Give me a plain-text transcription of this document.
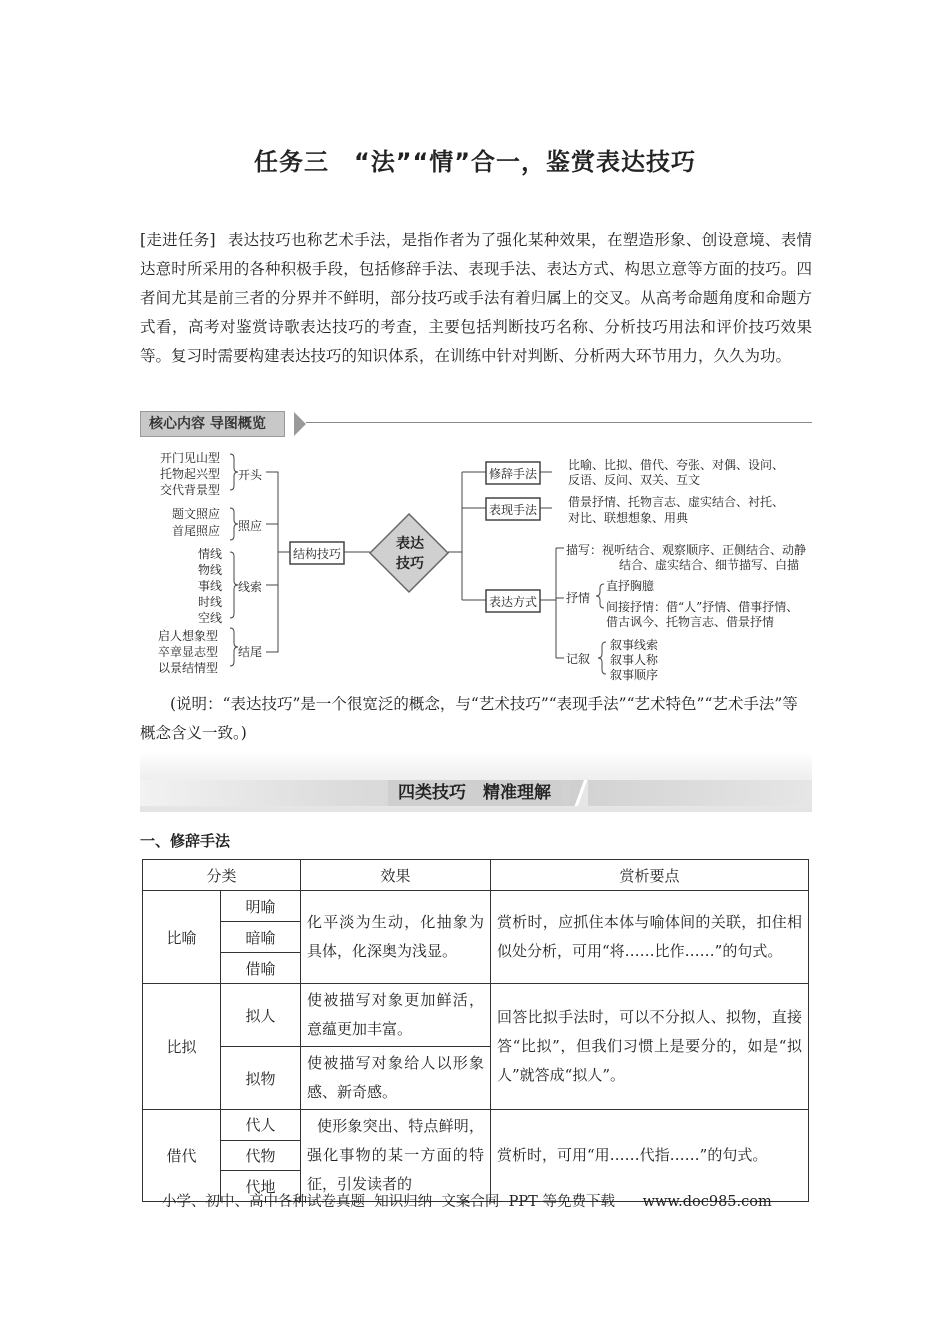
任务三　“法”“情”合一，鉴赏表达技巧
[走进任务] 表达技巧也称艺术手法，是指作者为了强化某种效果，在塑造形象、创设意境、表情达意时所采用的各种积极手段，包括修辞手法、表现手法、表达方式、构思立意等方面的技巧。四者间尤其是前三者的分界并不鲜明，部分技巧或手法有着归属上的交叉。从高考命题角度和命题方式看，高考对鉴赏诗歌表达技巧的考查，主要包括判断技巧名称、分析技巧用法和评价技巧效果等。复习时需要构建表达技巧的知识体系，在训练中针对判断、分析两大环节用力，久久为功。
核心内容 导图概览
开门见山型
托物起兴型
交代背景型
开头
题文照应
首尾照应 照应
情线
物线
事线
时线
空线
线索
启人想象型
卒章显志型
以景结情型
结尾
结构技巧
表达
技巧
修辞手法
表现手法
表达方式
比喻、比拟、借代、夸张、对偶、设问、
反语、反问、双关、互文
借景抒情、托物言志、虚实结合、衬托、
对比、联想想象、用典
描写：视听结合、观察顺序、正侧结合、动静
结合、虚实结合、细节描写、白描
抒情
直抒胸臆
间接抒情：借“人”抒情、借事抒情、
借古讽今、托物言志、借景抒情
记叙
叙事线索
叙事人称
叙事顺序
(说明：“表达技巧”是一个很宽泛的概念，与“艺术技巧”“表现手法”“艺术特色”“艺术手法”等概念含义一致。)
四类技巧　精准理解
一、修辞手法
分类		效果	赏析要点
比喻	明喻	化平淡为生动，化抽象为具体，化深奥为浅显。	赏析时，应抓住本体与喻体间的关联，扣住相似处分析，可用“将……比作……”的句式。
	暗喻		
	借喻		
比拟	拟人	使被描写对象更加鲜活，意蕴更加丰富。	回答比拟手法时，可以不分拟人、拟物，直接答“比拟”，但我们习惯上是要分的，如是“拟人”就答成“拟人”。
	拟物	使被描写对象给人以形象感、新奇感。	
借代	代人	使形象突出、特点鲜明，强化事物的某一方面的特征，引发读者的	赏析时，可用“用……代指……”的句式。
	代物		
	代地		
小学、初中、高中各种试卷真题  知识归纳  文案合同  PPT 等免费下载      www.doc985.com
